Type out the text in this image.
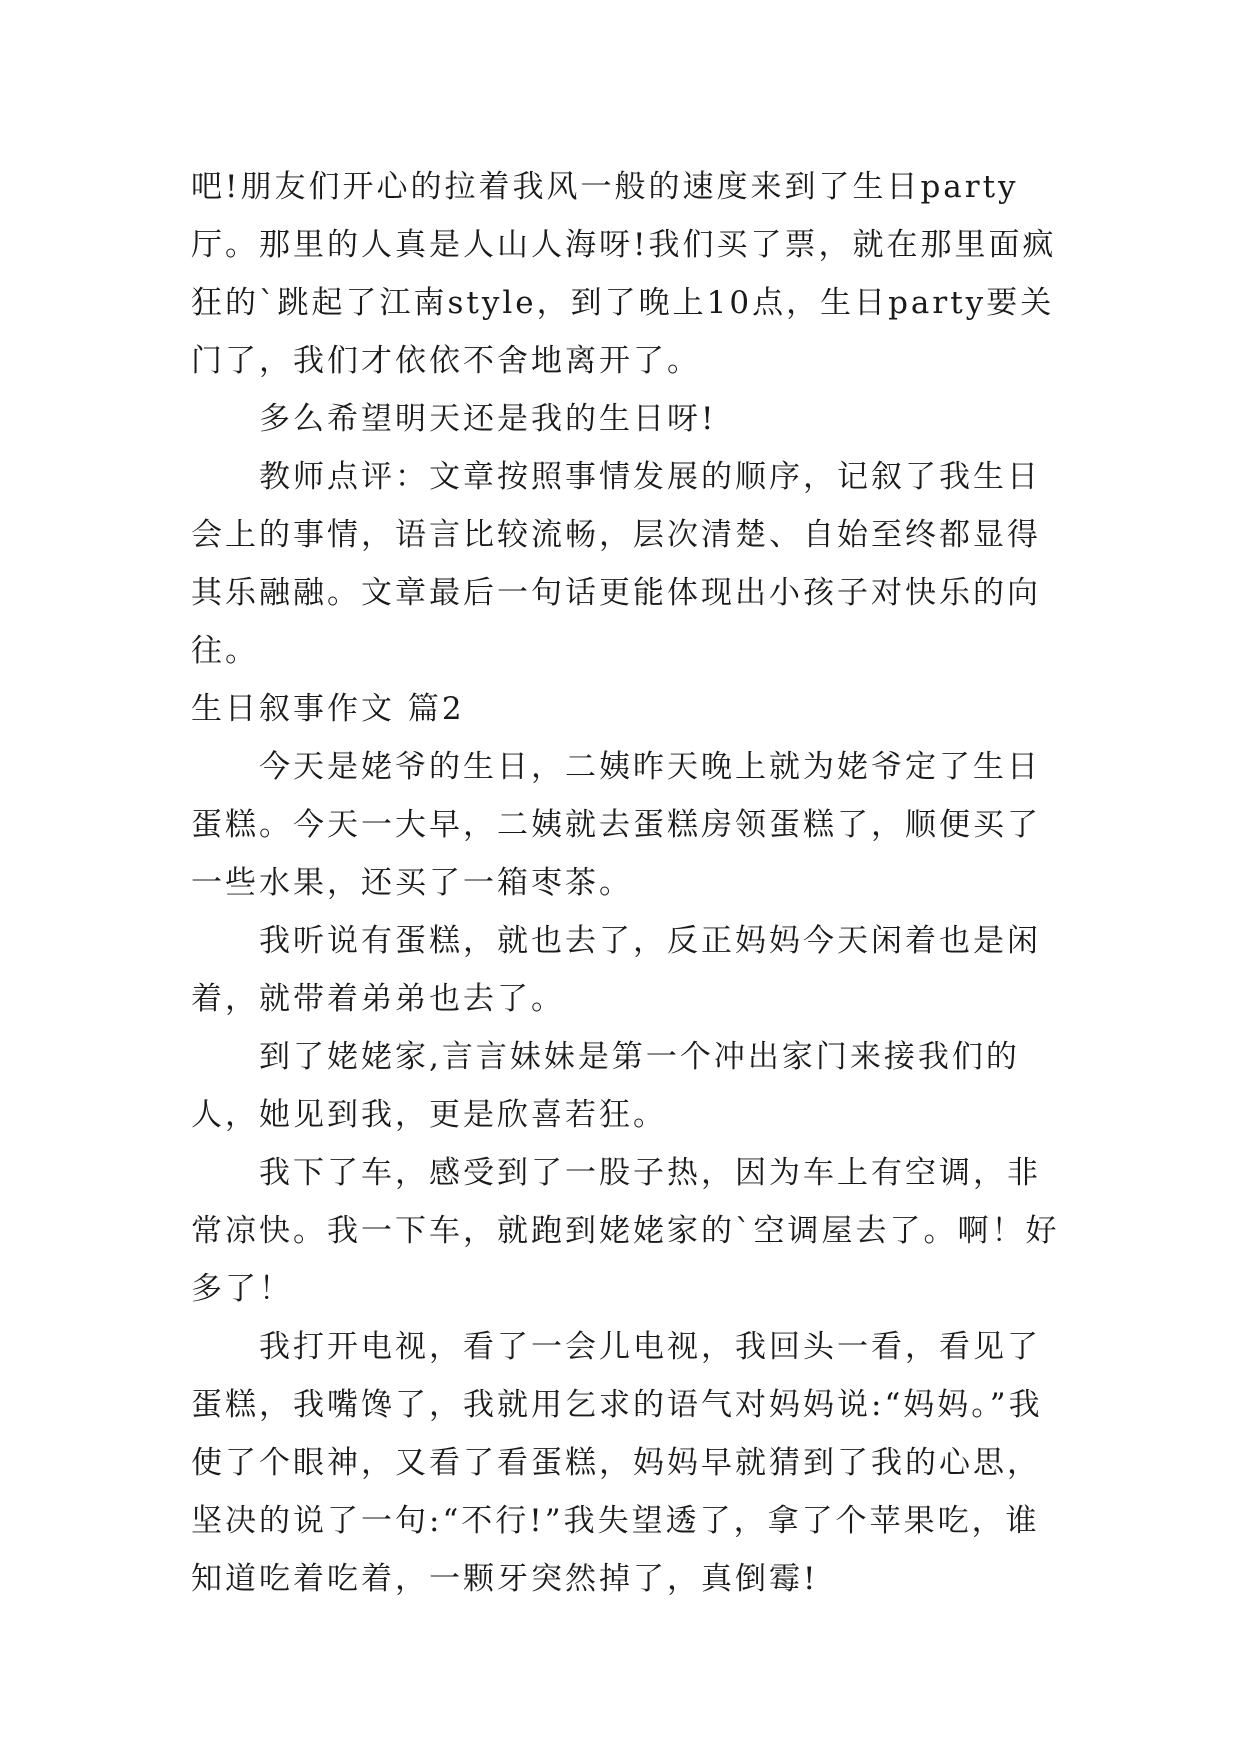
吧!朋友们开心的拉着我风一般的速度来到了生日party厅。那里的人真是人山人海呀!我们买了票，就在那里面疯狂的`跳起了江南style，到了晚上10点，生日party要关门了，我们才依依不舍地离开了。

多么希望明天还是我的生日呀!

教师点评：文章按照事情发展的顺序，记叙了我生日会上的事情，语言比较流畅，层次清楚、自始至终都显得其乐融融。文章最后一句话更能体现出小孩子对快乐的向往。

生日叙事作文 篇2

今天是姥爷的生日，二姨昨天晚上就为姥爷定了生日蛋糕。今天一大早，二姨就去蛋糕房领蛋糕了，顺便买了一些水果，还买了一箱枣茶。

我听说有蛋糕，就也去了，反正妈妈今天闲着也是闲着，就带着弟弟也去了。

到了姥姥家,言言妹妹是第一个冲出家门来接我们的人，她见到我，更是欣喜若狂。

我下了车，感受到了一股子热，因为车上有空调，非常凉快。我一下车，就跑到姥姥家的`空调屋去了。啊！好多了！

我打开电视，看了一会儿电视，我回头一看，看见了蛋糕，我嘴馋了，我就用乞求的语气对妈妈说:“妈妈。”我使了个眼神，又看了看蛋糕，妈妈早就猜到了我的心思，坚决的说了一句:“不行!”我失望透了，拿了个苹果吃，谁知道吃着吃着，一颗牙突然掉了，真倒霉!
